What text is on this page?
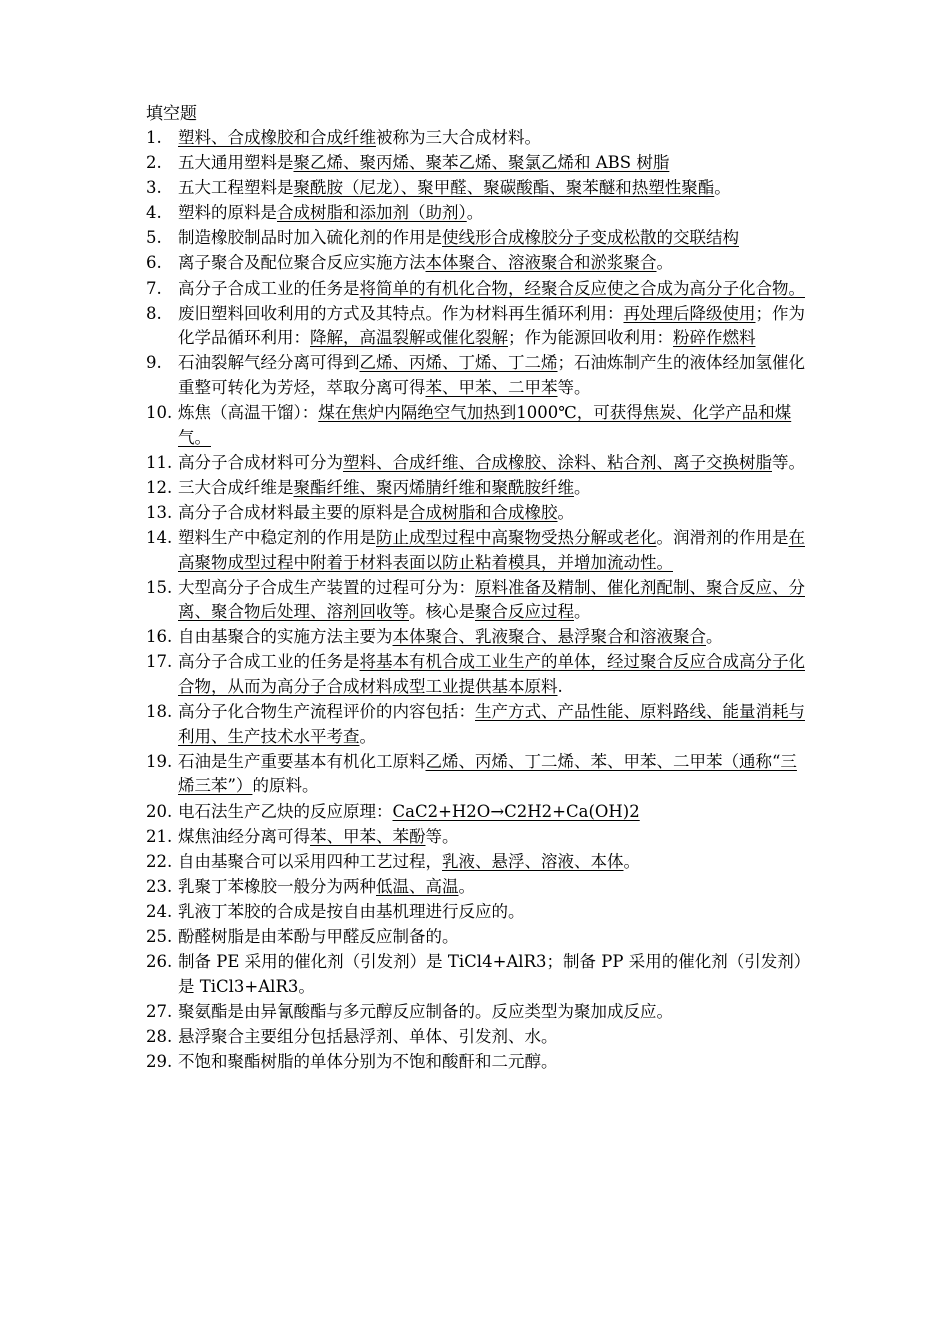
填空题
1. 塑料、合成橡胶和合成纤维被称为三大合成材料。
2. 五大通用塑料是聚乙烯、聚丙烯、聚苯乙烯、聚氯乙烯和 ABS 树脂
3. 五大工程塑料是聚酰胺（尼龙）、聚甲醛、聚碳酸酯、聚苯醚和热塑性聚酯。
4. 塑料的原料是合成树脂和添加剂（助剂）。
5. 制造橡胶制品时加入硫化剂的作用是使线形合成橡胶分子变成松散的交联结构
6. 离子聚合及配位聚合反应实施方法本体聚合、溶液聚合和淤浆聚合。
7. 高分子合成工业的任务是将简单的有机化合物，经聚合反应使之合成为高分子化合物。
8. 废旧塑料回收利用的方式及其特点。作为材料再生循环利用：再处理后降级使用；作为化学品循环利用：降解，高温裂解或催化裂解；作为能源回收利用：粉碎作燃料
9. 石油裂解气经分离可得到乙烯、丙烯、丁烯、丁二烯；石油炼制产生的液体经加氢催化重整可转化为芳烃，萃取分离可得苯、甲苯、二甲苯等。
10. 炼焦（高温干馏）：煤在焦炉内隔绝空气加热到1000℃，可获得焦炭、化学产品和煤气。
11. 高分子合成材料可分为塑料、合成纤维、合成橡胶、涂料、粘合剂、离子交换树脂等。
12. 三大合成纤维是聚酯纤维、聚丙烯腈纤维和聚酰胺纤维。
13. 高分子合成材料最主要的原料是合成树脂和合成橡胶。
14. 塑料生产中稳定剂的作用是防止成型过程中高聚物受热分解或老化。润滑剂的作用是在高聚物成型过程中附着于材料表面以防止粘着模具，并增加流动性。
15. 大型高分子合成生产装置的过程可分为：原料准备及精制、催化剂配制、聚合反应、分离、聚合物后处理、溶剂回收等。核心是聚合反应过程。
16. 自由基聚合的实施方法主要为本体聚合、乳液聚合、悬浮聚合和溶液聚合。
17. 高分子合成工业的任务是将基本有机合成工业生产的单体，经过聚合反应合成高分子化合物，从而为高分子合成材料成型工业提供基本原料.
18. 高分子化合物生产流程评价的内容包括：生产方式、产品性能、原料路线、能量消耗与利用、生产技术水平考查。
19. 石油是生产重要基本有机化工原料乙烯、丙烯、丁二烯、苯、甲苯、二甲苯（通称“三烯三苯”）的原料。
20. 电石法生产乙炔的反应原理：CaC2+H2O→C2H2+Ca(OH)2
21. 煤焦油经分离可得苯、甲苯、苯酚等。
22. 自由基聚合可以采用四种工艺过程，乳液、悬浮、溶液、本体。
23. 乳聚丁苯橡胶一般分为两种低温、高温。
24. 乳液丁苯胶的合成是按自由基机理进行反应的。
25. 酚醛树脂是由苯酚与甲醛反应制备的。
26. 制备 PE 采用的催化剂（引发剂）是 TiCl4+AlR3；制备 PP 采用的催化剂（引发剂）是 TiCl3+AlR3。
27. 聚氨酯是由异氰酸酯与多元醇反应制备的。反应类型为聚加成反应。
28. 悬浮聚合主要组分包括悬浮剂、单体、引发剂、水。
29. 不饱和聚酯树脂的单体分别为不饱和酸酐和二元醇。
